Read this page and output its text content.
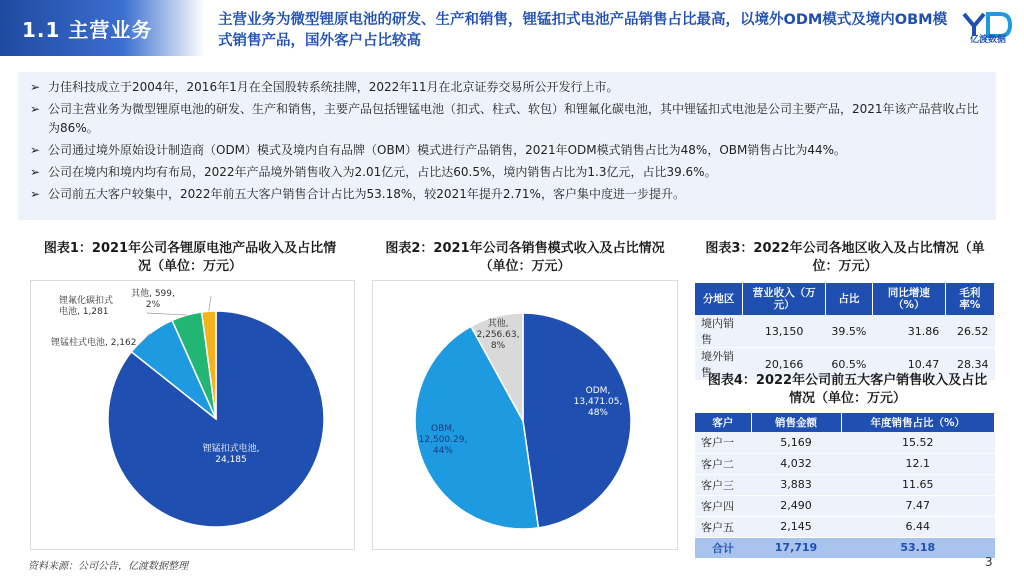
1.1 主营业务	主营业务为微型锂原电池的研发、生产和销售，锂锰扣式电池产品销售占比最高，以境外ODM模式及境内OBM模式销售产品，国外客户占比较高	亿渡数据
➢ 力佳科技成立于2004年，2016年1月在全国股转系统挂牌，2022年11月在北京证券交易所公开发行上市。
➢ 公司主营业务为微型锂原电池的研发、生产和销售，主要产品包括锂锰电池（扣式、柱式、软包）和锂氟化碳电池，其中锂锰扣式电池是公司主要产品，2021年该产品营收占比为86%。
➢ 公司通过境外原始设计制造商（ODM）模式及境内自有品牌（OBM）模式进行产品销售，2021年ODM模式销售占比为48%，OBM销售占比为44%。
➢ 公司在境内和境内均有布局，2022年产品境外销售收入为2.01亿元，占比达60.5%，境内销售占比为1.3亿元，占比39.6%。
➢ 公司前五大客户较集中，2022年前五大客户销售合计占比为53.18%，较2021年提升2.71%，客户集中度进一步提升。
图表1：2021年公司各锂原电池产品收入及占比情况（单位：万元）
锂锰扣式电池, 24,185
锂锰柱式电池, 2,162
锂氟化碳扣式电池, 1,281
其他, 599, 2%
图表2：2021年公司各销售模式收入及占比情况（单位：万元）
ODM, 13,471.05, 48%
OBM, 12,500.29, 44%
其他, 2,256.63, 8%
图表3：2022年公司各地区收入及占比情况（单位：万元）
分地区	营业收入（万元）	占比	同比增速（%）	毛利率%
境内销售	13,150	39.5%	31.86	26.52
境外销售	20,166	60.5%	10.47	28.34
图表4：2022年公司前五大客户销售收入及占比情况（单位：万元）
客户	销售金额	年度销售占比（%）
客户一	5,169	15.52
客户二	4,032	12.1
客户三	3,883	11.65
客户四	2,490	7.47
客户五	2,145	6.44
合计	17,719	53.18
资料来源：公司公告，亿渡数据整理	3
